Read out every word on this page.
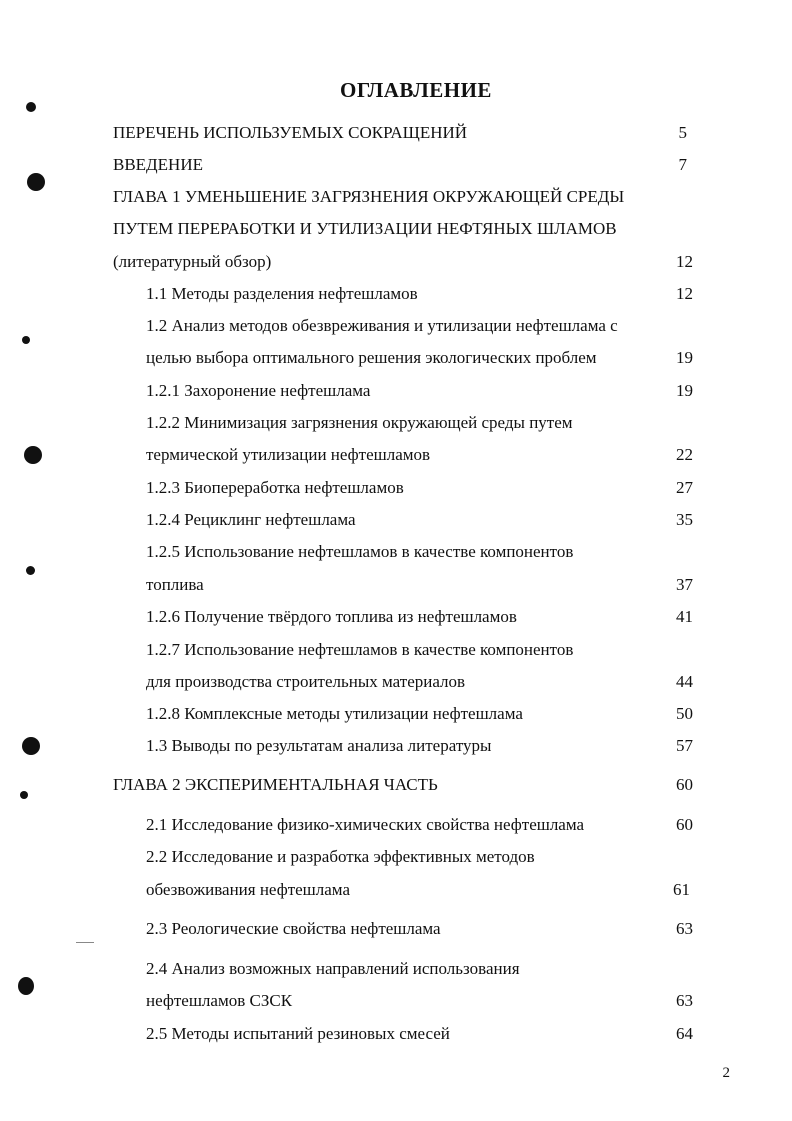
ОГЛАВЛЕНИЕ
ПЕРЕЧЕНЬ ИСПОЛЬЗУЕМЫХ СОКРАЩЕНИЙ	5
ВВЕДЕНИЕ	7
ГЛАВА 1 УМЕНЬШЕНИЕ ЗАГРЯЗНЕНИЯ ОКРУЖАЮЩЕЙ СРЕДЫ
ПУТЕМ ПЕРЕРАБОТКИ И УТИЛИЗАЦИИ НЕФТЯНЫХ ШЛАМОВ
(литературный обзор)	12
1.1 Методы разделения нефтешламов	12
1.2 Анализ методов обезвреживания и утилизации нефтешлама с
целью выбора оптимального решения экологических проблем	19
1.2.1 Захоронение нефтешлама	19
1.2.2 Минимизация загрязнения окружающей среды путем
термической утилизации нефтешламов	22
1.2.3 Биопереработка нефтешламов	27
1.2.4 Рециклинг нефтешлама	35
1.2.5 Использование нефтешламов в качестве компонентов
топлива	37
1.2.6 Получение твёрдого топлива из нефтешламов	41
1.2.7 Использование нефтешламов в качестве компонентов
для производства строительных материалов	44
1.2.8 Комплексные методы утилизации нефтешлама	50
1.3 Выводы по результатам анализа литературы	57
ГЛАВА 2 ЭКСПЕРИМЕНТАЛЬНАЯ ЧАСТЬ	60
2.1 Исследование физико-химических свойства нефтешлама	60
2.2 Исследование и разработка эффективных методов
обезвоживания нефтешлама	61
2.3 Реологические свойства нефтешлама	63
2.4 Анализ возможных направлений использования
нефтешламов СЗСК	63
2.5 Методы испытаний резиновых смесей	64
2
